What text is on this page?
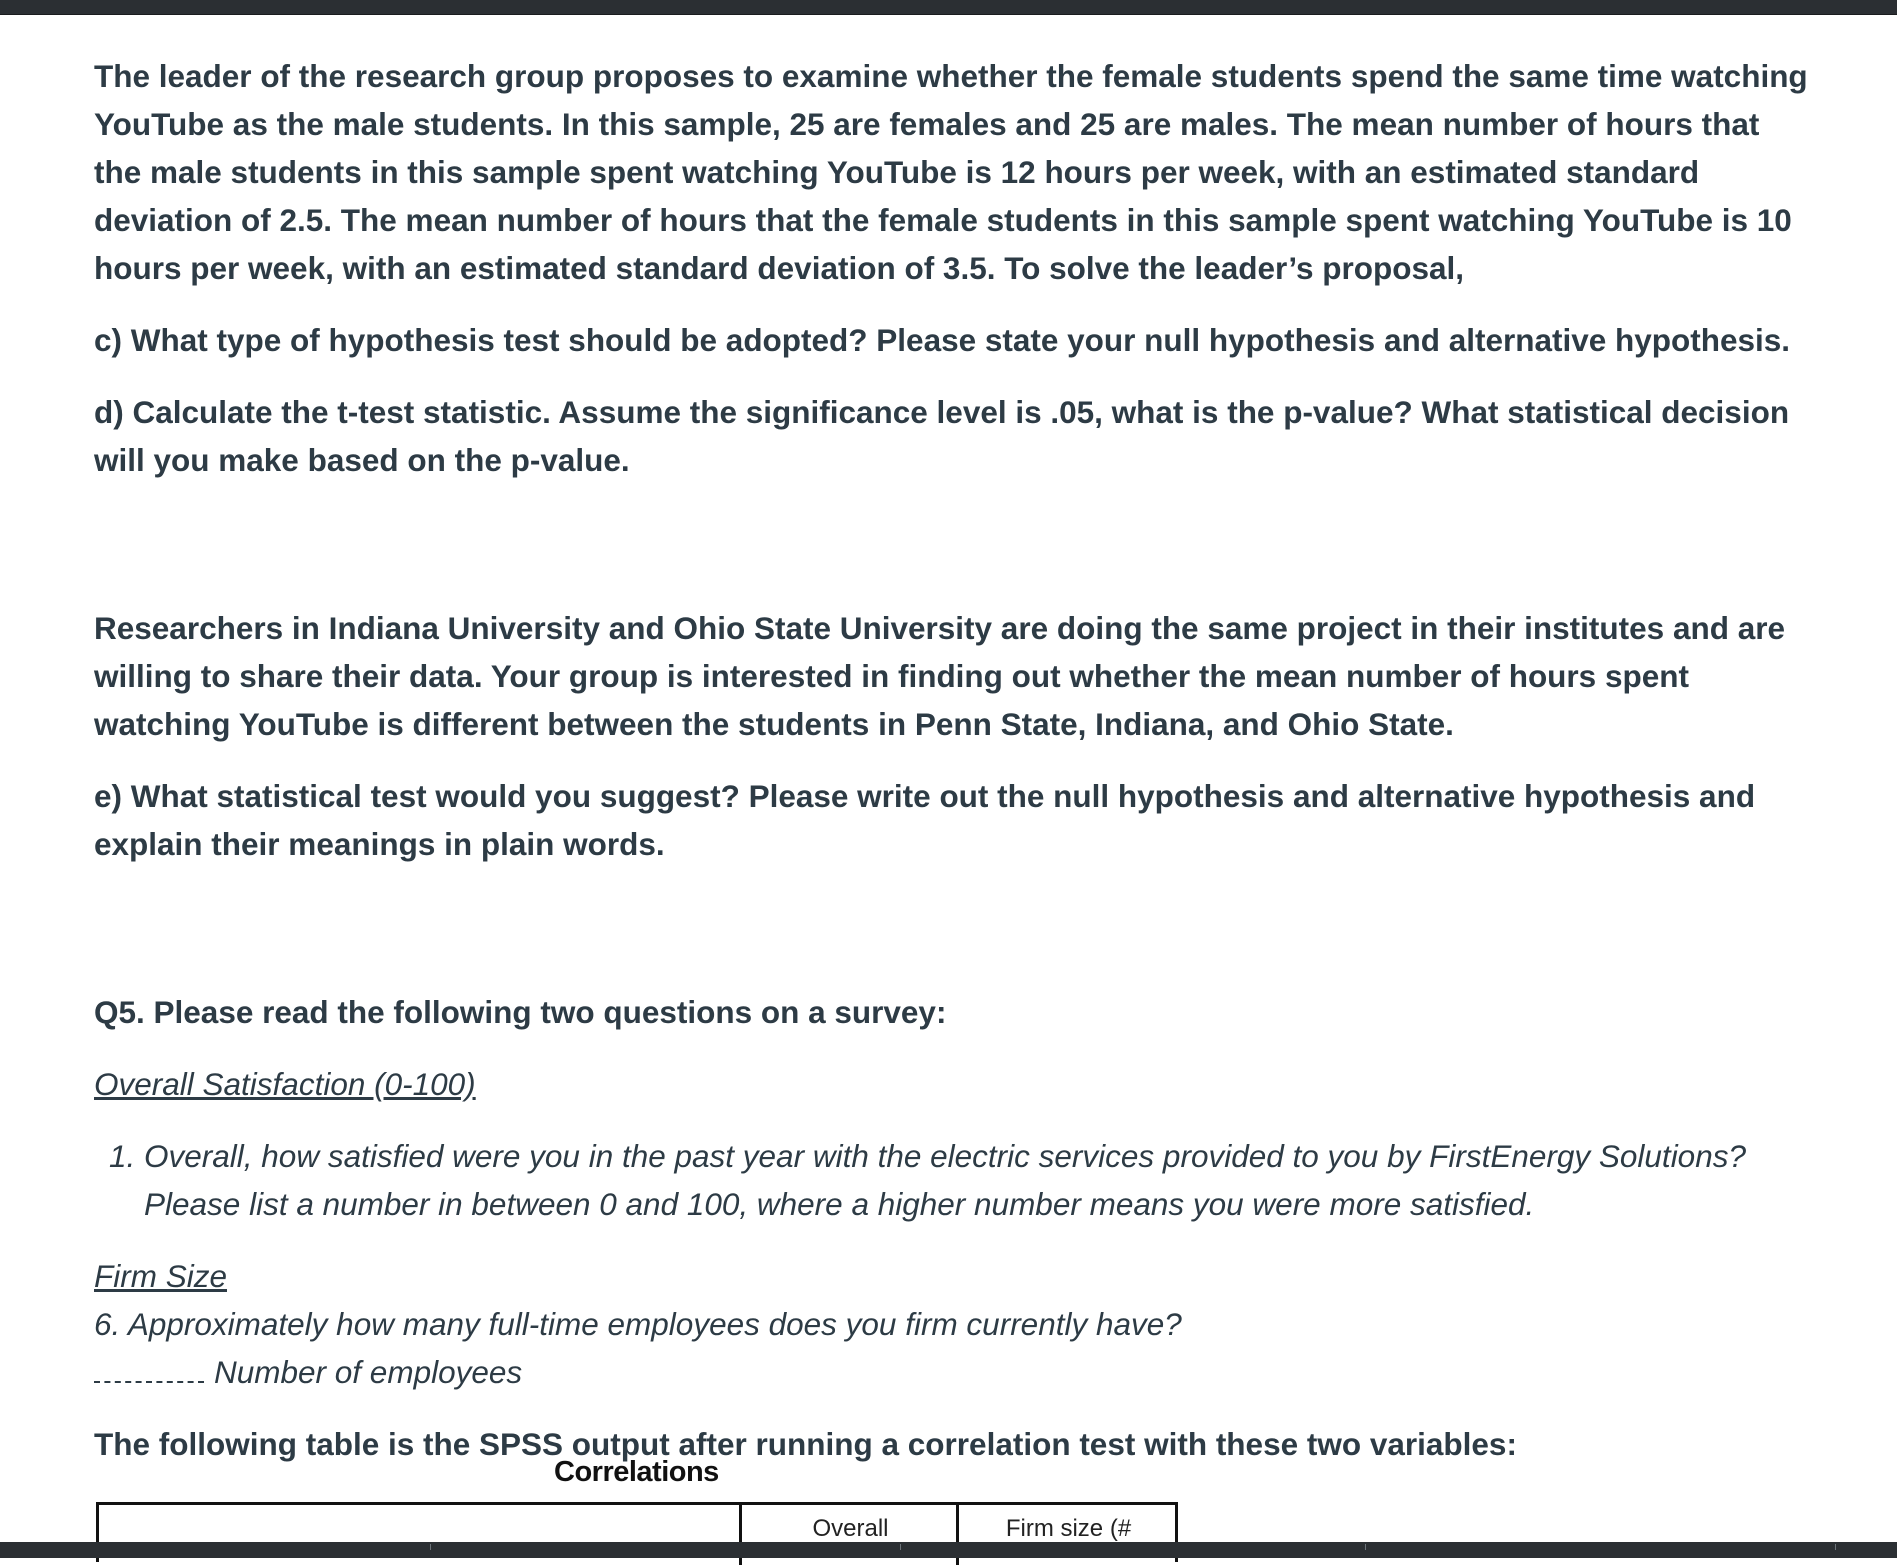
The leader of the research group proposes to examine whether the female students spend the same time watching YouTube as the male students. In this sample, 25 are females and 25 are males. The mean number of hours that the male students in this sample spent watching YouTube is 12 hours per week, with an estimated standard deviation of 2.5. The mean number of hours that the female students in this sample spent watching YouTube is 10 hours per week, with an estimated standard deviation of 3.5. To solve the leader’s proposal,

c) What type of hypothesis test should be adopted? Please state your null hypothesis and alternative hypothesis.

d) Calculate the t-test statistic. Assume the significance level is .05, what is the p-value? What statistical decision will you make based on the p-value.

Researchers in Indiana University and Ohio State University are doing the same project in their institutes and are willing to share their data. Your group is interested in finding out whether the mean number of hours spent watching YouTube is different between the students in Penn State, Indiana, and Ohio State.

e) What statistical test would you suggest? Please write out the null hypothesis and alternative hypothesis and explain their meanings in plain words.

Q5. Please read the following two questions on a survey:

Overall Satisfaction (0-100)

1. Overall, how satisfied were you in the past year with the electric services provided to you by FirstEnergy Solutions? Please list a number in between 0 and 100, where a higher number means you were more satisfied.

Firm Size

6. Approximately how many full-time employees does you firm currently have?

Number of employees

The following table is the SPSS output after running a correlation test with these two variables:

Correlations
Overall	Firm size (#
